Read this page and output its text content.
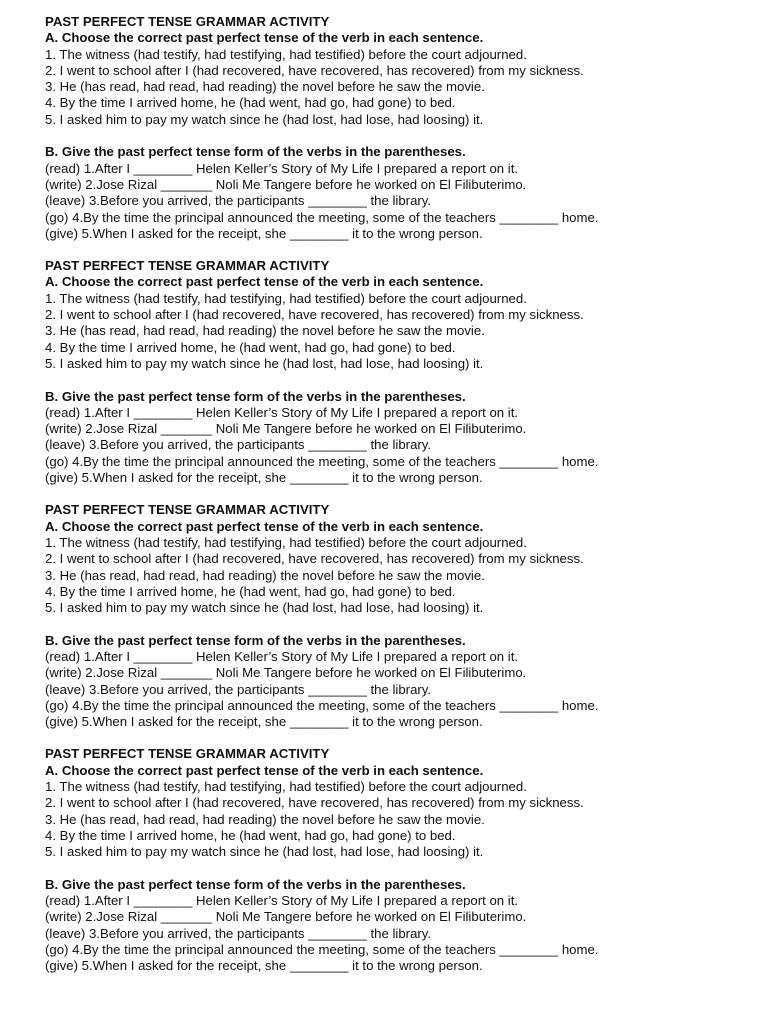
PAST PERFECT TENSE GRAMMAR ACTIVITY
A. Choose the correct past perfect tense of the verb in each sentence.
1. The witness (had testify, had testifying, had testified) before the court adjourned.
2. I went to school after I (had recovered, have recovered, has recovered) from my sickness.
3. He (has read, had read, had reading) the novel before he saw the movie.
4. By the time I arrived home, he (had went, had go, had gone) to bed.
5. I asked him to pay my watch since he (had lost, had lose, had loosing) it.
B. Give the past perfect tense form of the verbs in the parentheses.
(read) 1.After I ________ Helen Keller’s Story of My Life I prepared a report on it.
(write) 2.Jose Rizal _______ Noli Me Tangere before he worked on El Filibuterimo.
(leave) 3.Before you arrived, the participants ________ the library.
(go) 4.By the time the principal announced the meeting, some of the teachers ________ home.
(give) 5.When I asked for the receipt, she ________ it to the wrong person.
PAST PERFECT TENSE GRAMMAR ACTIVITY
A. Choose the correct past perfect tense of the verb in each sentence.
1. The witness (had testify, had testifying, had testified) before the court adjourned.
2. I went to school after I (had recovered, have recovered, has recovered) from my sickness.
3. He (has read, had read, had reading) the novel before he saw the movie.
4. By the time I arrived home, he (had went, had go, had gone) to bed.
5. I asked him to pay my watch since he (had lost, had lose, had loosing) it.
B. Give the past perfect tense form of the verbs in the parentheses.
(read) 1.After I ________ Helen Keller’s Story of My Life I prepared a report on it.
(write) 2.Jose Rizal _______ Noli Me Tangere before he worked on El Filibuterimo.
(leave) 3.Before you arrived, the participants ________ the library.
(go) 4.By the time the principal announced the meeting, some of the teachers ________ home.
(give) 5.When I asked for the receipt, she ________ it to the wrong person.
PAST PERFECT TENSE GRAMMAR ACTIVITY
A. Choose the correct past perfect tense of the verb in each sentence.
1. The witness (had testify, had testifying, had testified) before the court adjourned.
2. I went to school after I (had recovered, have recovered, has recovered) from my sickness.
3. He (has read, had read, had reading) the novel before he saw the movie.
4. By the time I arrived home, he (had went, had go, had gone) to bed.
5. I asked him to pay my watch since he (had lost, had lose, had loosing) it.
B. Give the past perfect tense form of the verbs in the parentheses.
(read) 1.After I ________ Helen Keller’s Story of My Life I prepared a report on it.
(write) 2.Jose Rizal _______ Noli Me Tangere before he worked on El Filibuterimo.
(leave) 3.Before you arrived, the participants ________ the library.
(go) 4.By the time the principal announced the meeting, some of the teachers ________ home.
(give) 5.When I asked for the receipt, she ________ it to the wrong person.
PAST PERFECT TENSE GRAMMAR ACTIVITY
A. Choose the correct past perfect tense of the verb in each sentence.
1. The witness (had testify, had testifying, had testified) before the court adjourned.
2. I went to school after I (had recovered, have recovered, has recovered) from my sickness.
3. He (has read, had read, had reading) the novel before he saw the movie.
4. By the time I arrived home, he (had went, had go, had gone) to bed.
5. I asked him to pay my watch since he (had lost, had lose, had loosing) it.
B. Give the past perfect tense form of the verbs in the parentheses.
(read) 1.After I ________ Helen Keller’s Story of My Life I prepared a report on it.
(write) 2.Jose Rizal _______ Noli Me Tangere before he worked on El Filibuterimo.
(leave) 3.Before you arrived, the participants ________ the library.
(go) 4.By the time the principal announced the meeting, some of the teachers ________ home.
(give) 5.When I asked for the receipt, she ________ it to the wrong person.
